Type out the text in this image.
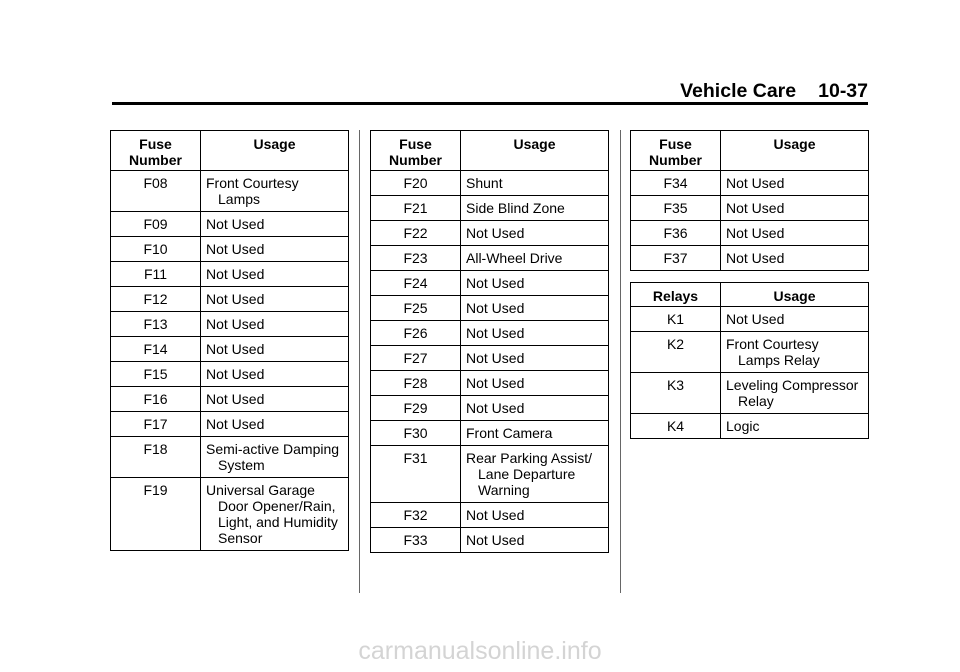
Vehicle Care 10-37
Fuse Number	Usage
F08	Front Courtesy Lamps

F09	Not Used

F10	Not Used

F11	Not Used

F12	Not Used

F13	Not Used

F14	Not Used

F15	Not Used

F16	Not Used

F17	Not Used

F18	Semi-active Damping System

F19	Universal Garage Door Opener/Rain, Light, and Humidity Sensor
Fuse Number	Usage
F20	Shunt

F21	Side Blind Zone

F22	Not Used

F23	All-Wheel Drive

F24	Not Used

F25	Not Used

F26	Not Used

F27	Not Used

F28	Not Used

F29	Not Used

F30	Front Camera

F31	Rear Parking Assist/ Lane Departure Warning

F32	Not Used

F33	Not Used
Fuse Number	Usage
F34	Not Used

F35	Not Used

F36	Not Used

F37	Not Used
Relays	Usage
K1	Not Used

K2	Front Courtesy Lamps Relay

K3	Leveling Compressor Relay

K4	Logic
carmanualsonline.info
